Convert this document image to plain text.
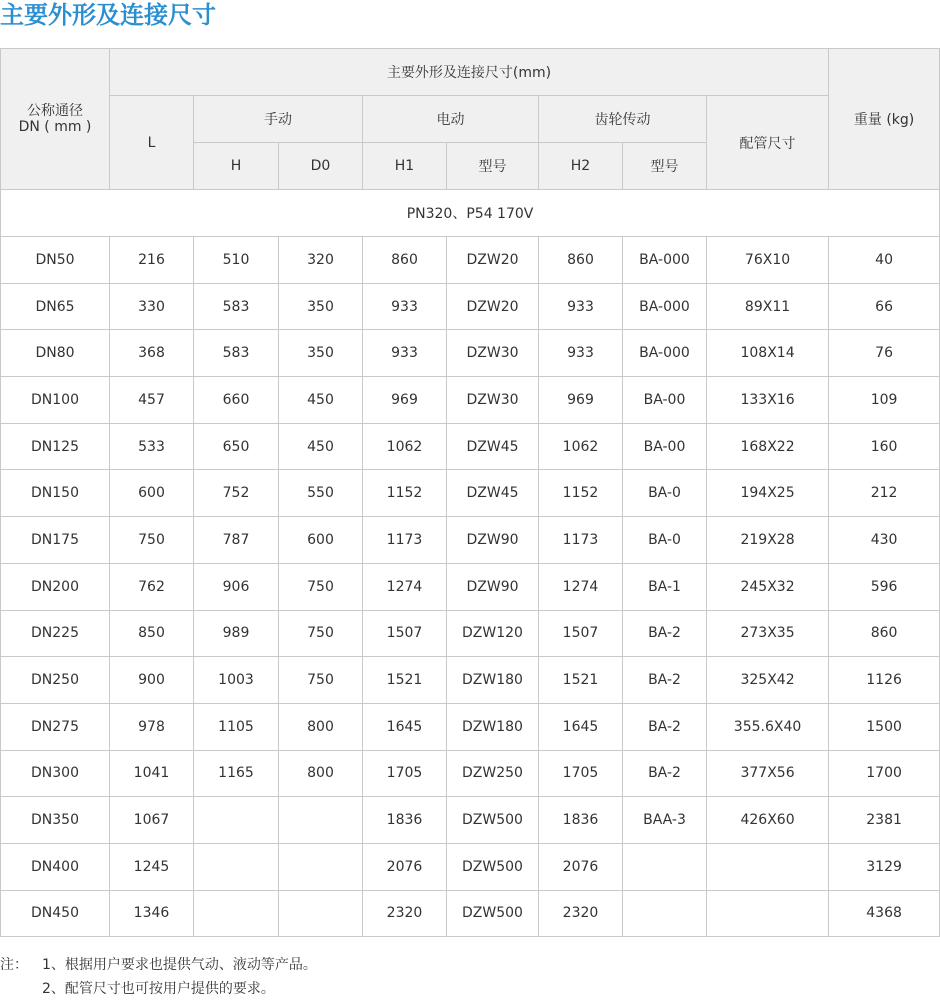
主要外形及连接尺寸
公称通径
DN ( mm )	主要外形及连接尺寸(mm)								重量 (kg)
	L	手动		电动		齿轮传动		配管尺寸	
		H	D0	H1	型号	H2	型号		
PN320、P54 170V									
DN50	216	510	320	860	DZW20	860	BA-000	76X10	40
DN65	330	583	350	933	DZW20	933	BA-000	89X11	66
DN80	368	583	350	933	DZW30	933	BA-000	108X14	76
DN100	457	660	450	969	DZW30	969	BA-00	133X16	109
DN125	533	650	450	1062	DZW45	1062	BA-00	168X22	160
DN150	600	752	550	1152	DZW45	1152	BA-0	194X25	212
DN175	750	787	600	1173	DZW90	1173	BA-0	219X28	430
DN200	762	906	750	1274	DZW90	1274	BA-1	245X32	596
DN225	850	989	750	1507	DZW120	1507	BA-2	273X35	860
DN250	900	1003	750	1521	DZW180	1521	BA-2	325X42	1126
DN275	978	1105	800	1645	DZW180	1645	BA-2	355.6X40	1500
DN300	1041	1165	800	1705	DZW250	1705	BA-2	377X56	1700
DN350	1067			1836	DZW500	1836	BAA-3	426X60	2381
DN400	1245			2076	DZW500	2076			3129
DN450	1346			2320	DZW500	2320			4368
注： 1、根据用户要求也提供气动、液动等产品。
2、配管尺寸也可按用户提供的要求。
